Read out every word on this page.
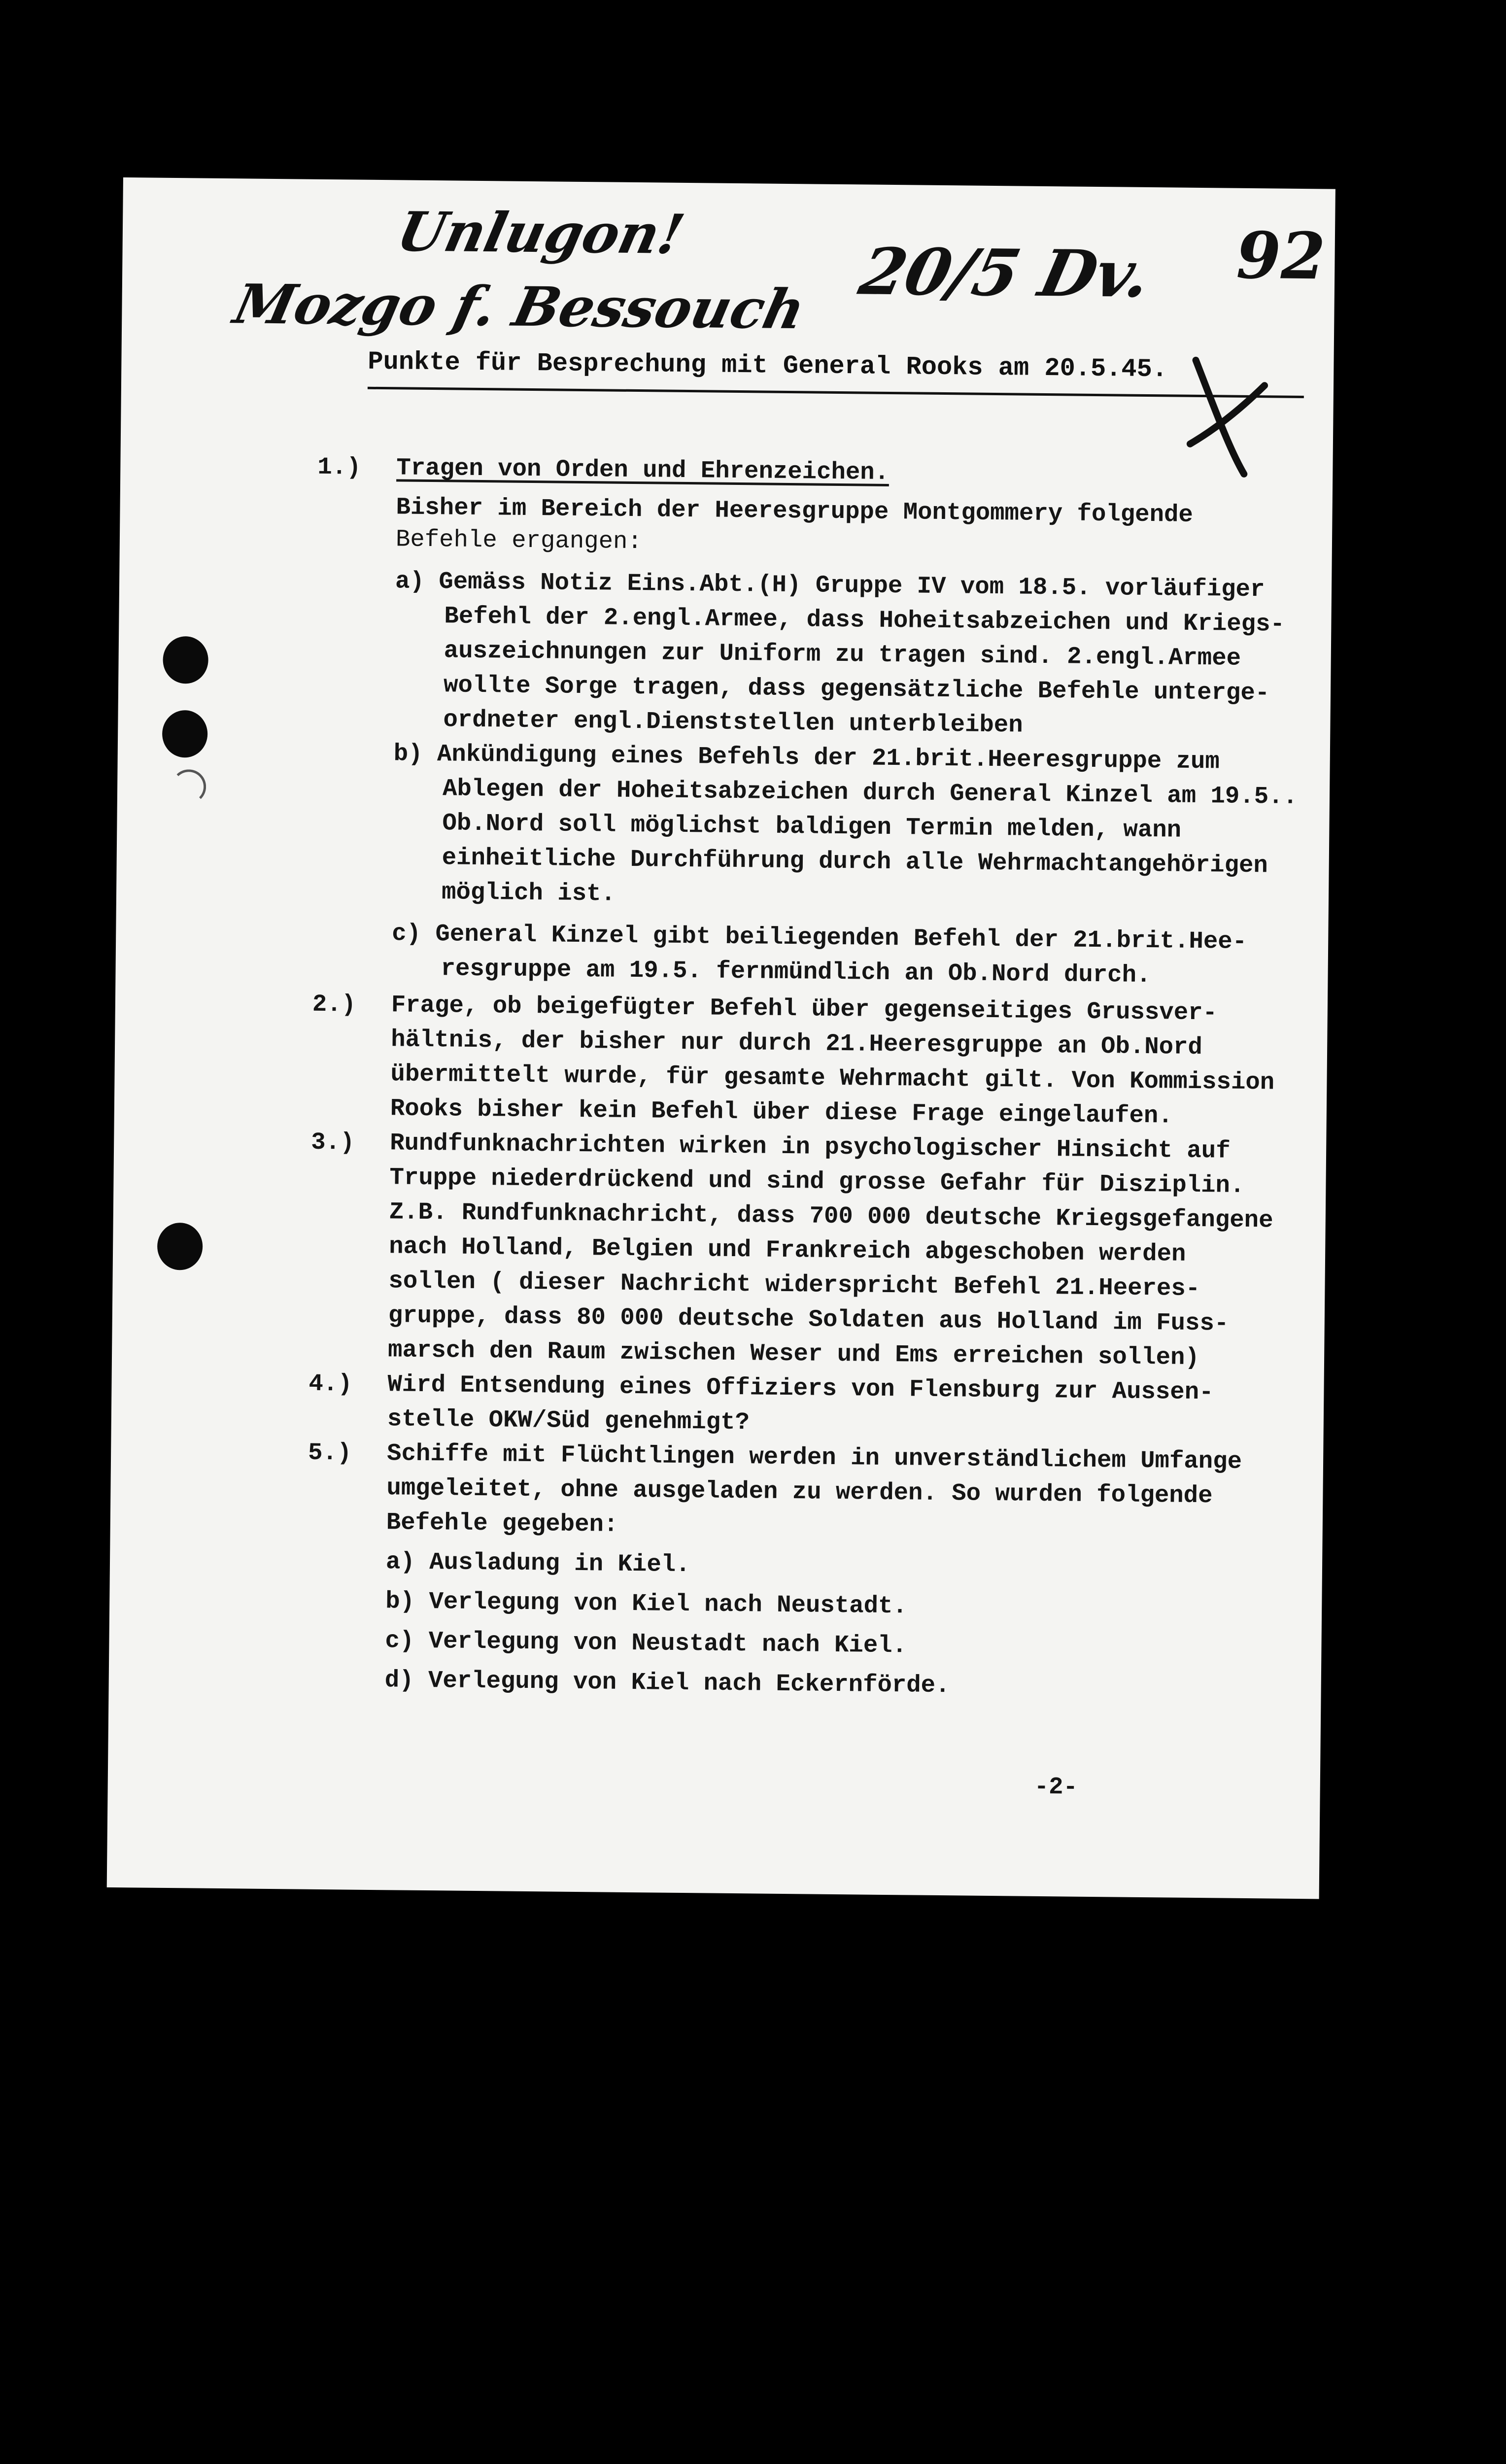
Unlugon!
Mozgo f. Bessouch 20/5 Dv. 92
Punkte für Besprechung mit General Rooks am 20.5.45.
1.) Tragen von Orden und Ehrenzeichen.
Bisher im Bereich der Heeresgruppe Montgommery folgende
Befehle ergangen:
a) Gemäss Notiz Eins.Abt.(H) Gruppe IV vom 18.5. vorläufiger
Befehl der 2.engl.Armee, dass Hoheitsabzeichen und Kriegs-
auszeichnungen zur Uniform zu tragen sind. 2.engl.Armee
wollte Sorge tragen, dass gegensätzliche Befehle unterge-
ordneter engl.Dienststellen unterbleiben
b) Ankündigung eines Befehls der 21.brit.Heeresgruppe zum
Ablegen der Hoheitsabzeichen durch General Kinzel am 19.5..
Ob.Nord soll möglichst baldigen Termin melden, wann
einheitliche Durchführung durch alle Wehrmachtangehörigen
möglich ist.
c) General Kinzel gibt beiliegenden Befehl der 21.brit.Hee-
resgruppe am 19.5. fernmündlich an Ob.Nord durch.
2.) Frage, ob beigefügter Befehl über gegenseitiges Grussver-
hältnis, der bisher nur durch 21.Heeresgruppe an Ob.Nord
übermittelt wurde, für gesamte Wehrmacht gilt. Von Kommission
Rooks bisher kein Befehl über diese Frage eingelaufen.
3.) Rundfunknachrichten wirken in psychologischer Hinsicht auf
Truppe niederdrückend und sind grosse Gefahr für Disziplin.
Z.B. Rundfunknachricht, dass 700 000 deutsche Kriegsgefangene
nach Holland, Belgien und Frankreich abgeschoben werden
sollen ( dieser Nachricht widerspricht Befehl 21.Heeres-
gruppe, dass 80 000 deutsche Soldaten aus Holland im Fuss-
marsch den Raum zwischen Weser und Ems erreichen sollen)
4.) Wird Entsendung eines Offiziers von Flensburg zur Aussen-
stelle OKW/Süd genehmigt?
5.) Schiffe mit Flüchtlingen werden in unverständlichem Umfange
umgeleitet, ohne ausgeladen zu werden. So wurden folgende
Befehle gegeben:
a) Ausladung in Kiel.
b) Verlegung von Kiel nach Neustadt.
c) Verlegung von Neustadt nach Kiel.
d) Verlegung von Kiel nach Eckernförde.
-2-
